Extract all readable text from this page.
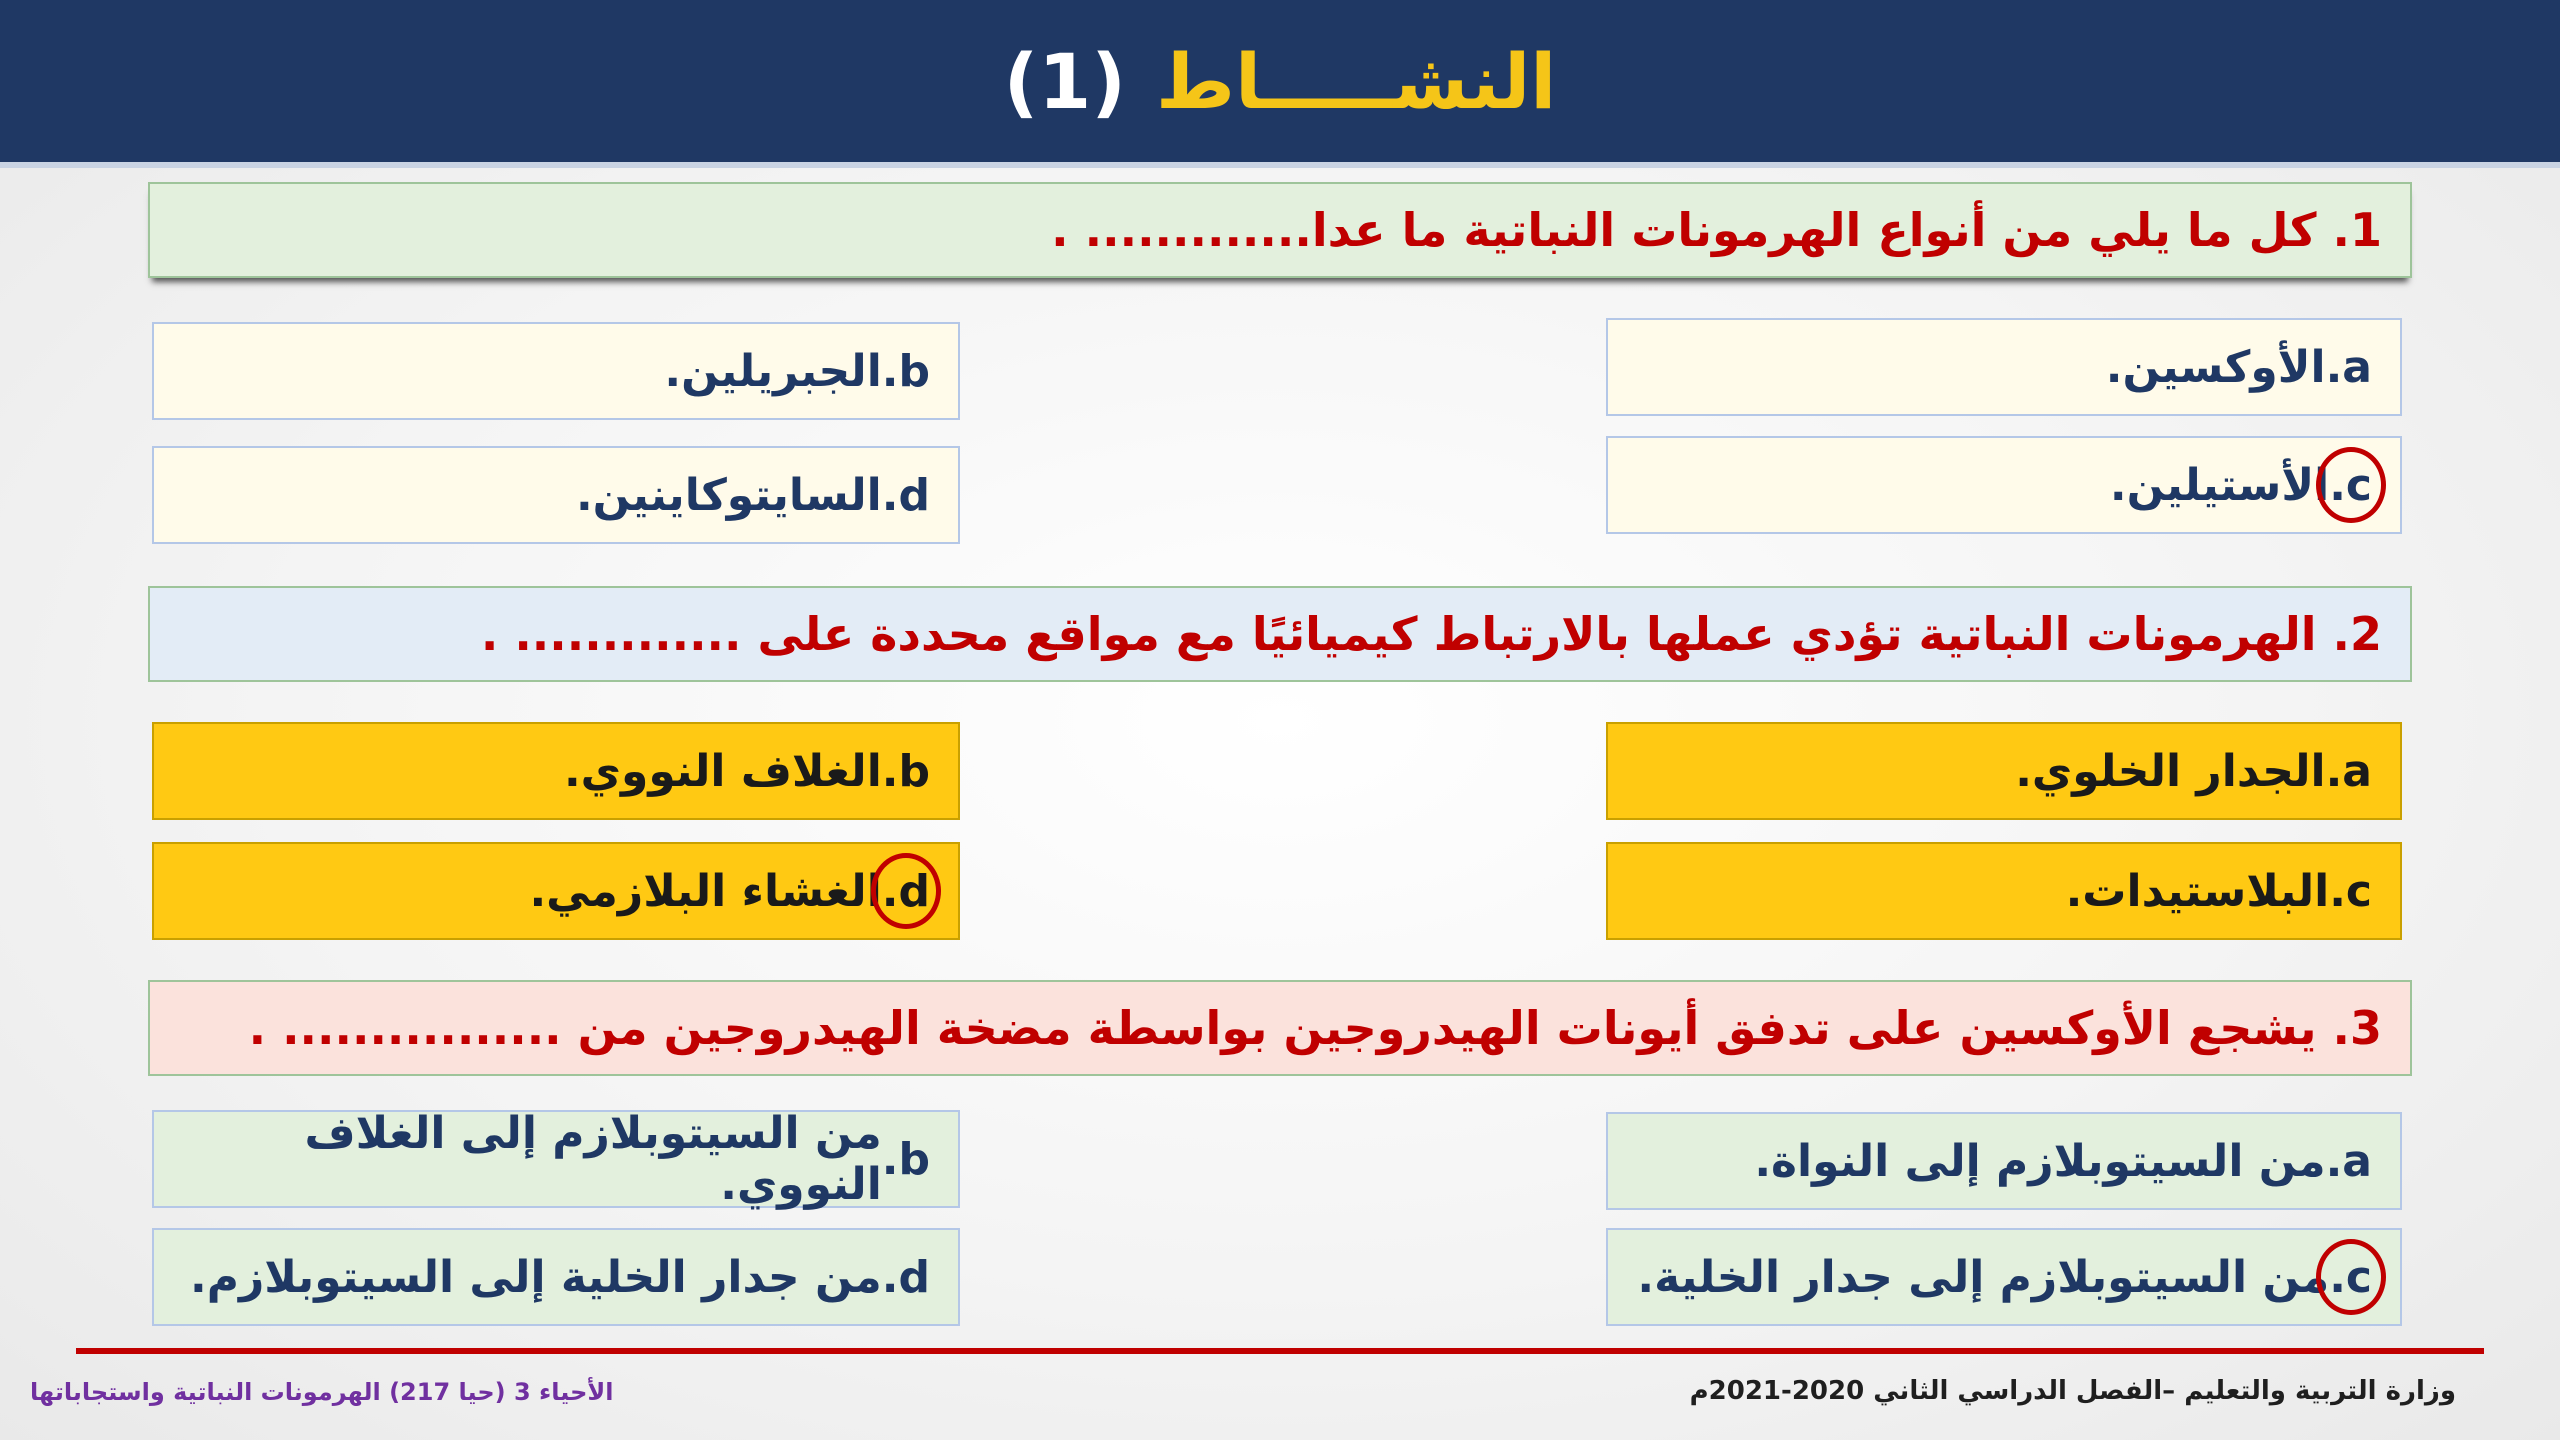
النشـــــاط
(1)
1. كل ما يلي من أنواع الهرمونات النباتية ما عدا............. .
a.
الأوكسين.
c.
الأستيلين.
b.
الجبريلين.
d.
السايتوكاينين.
2. الهرمونات النباتية تؤدي عملها بالارتباط كيميائيًا مع مواقع محددة على ............. .
a.
الجدار الخلوي.
c.
البلاستيدات.
b.
الغلاف النووي.
d.
الغشاء البلازمي.
3. يشجع الأوكسين على تدفق أيونات الهيدروجين بواسطة مضخة الهيدروجين من ................ .
a.
من السيتوبلازم إلى النواة.
c.
من السيتوبلازم إلى جدار الخلية.
b.
من السيتوبلازم إلى الغلاف النووي.
d.
من جدار الخلية إلى السيتوبلازم.
وزارة التربية والتعليم –الفصل الدراسي الثاني 2020-2021م
الأحياء 3 (حيا 217) الهرمونات النباتية واستجاباتها
